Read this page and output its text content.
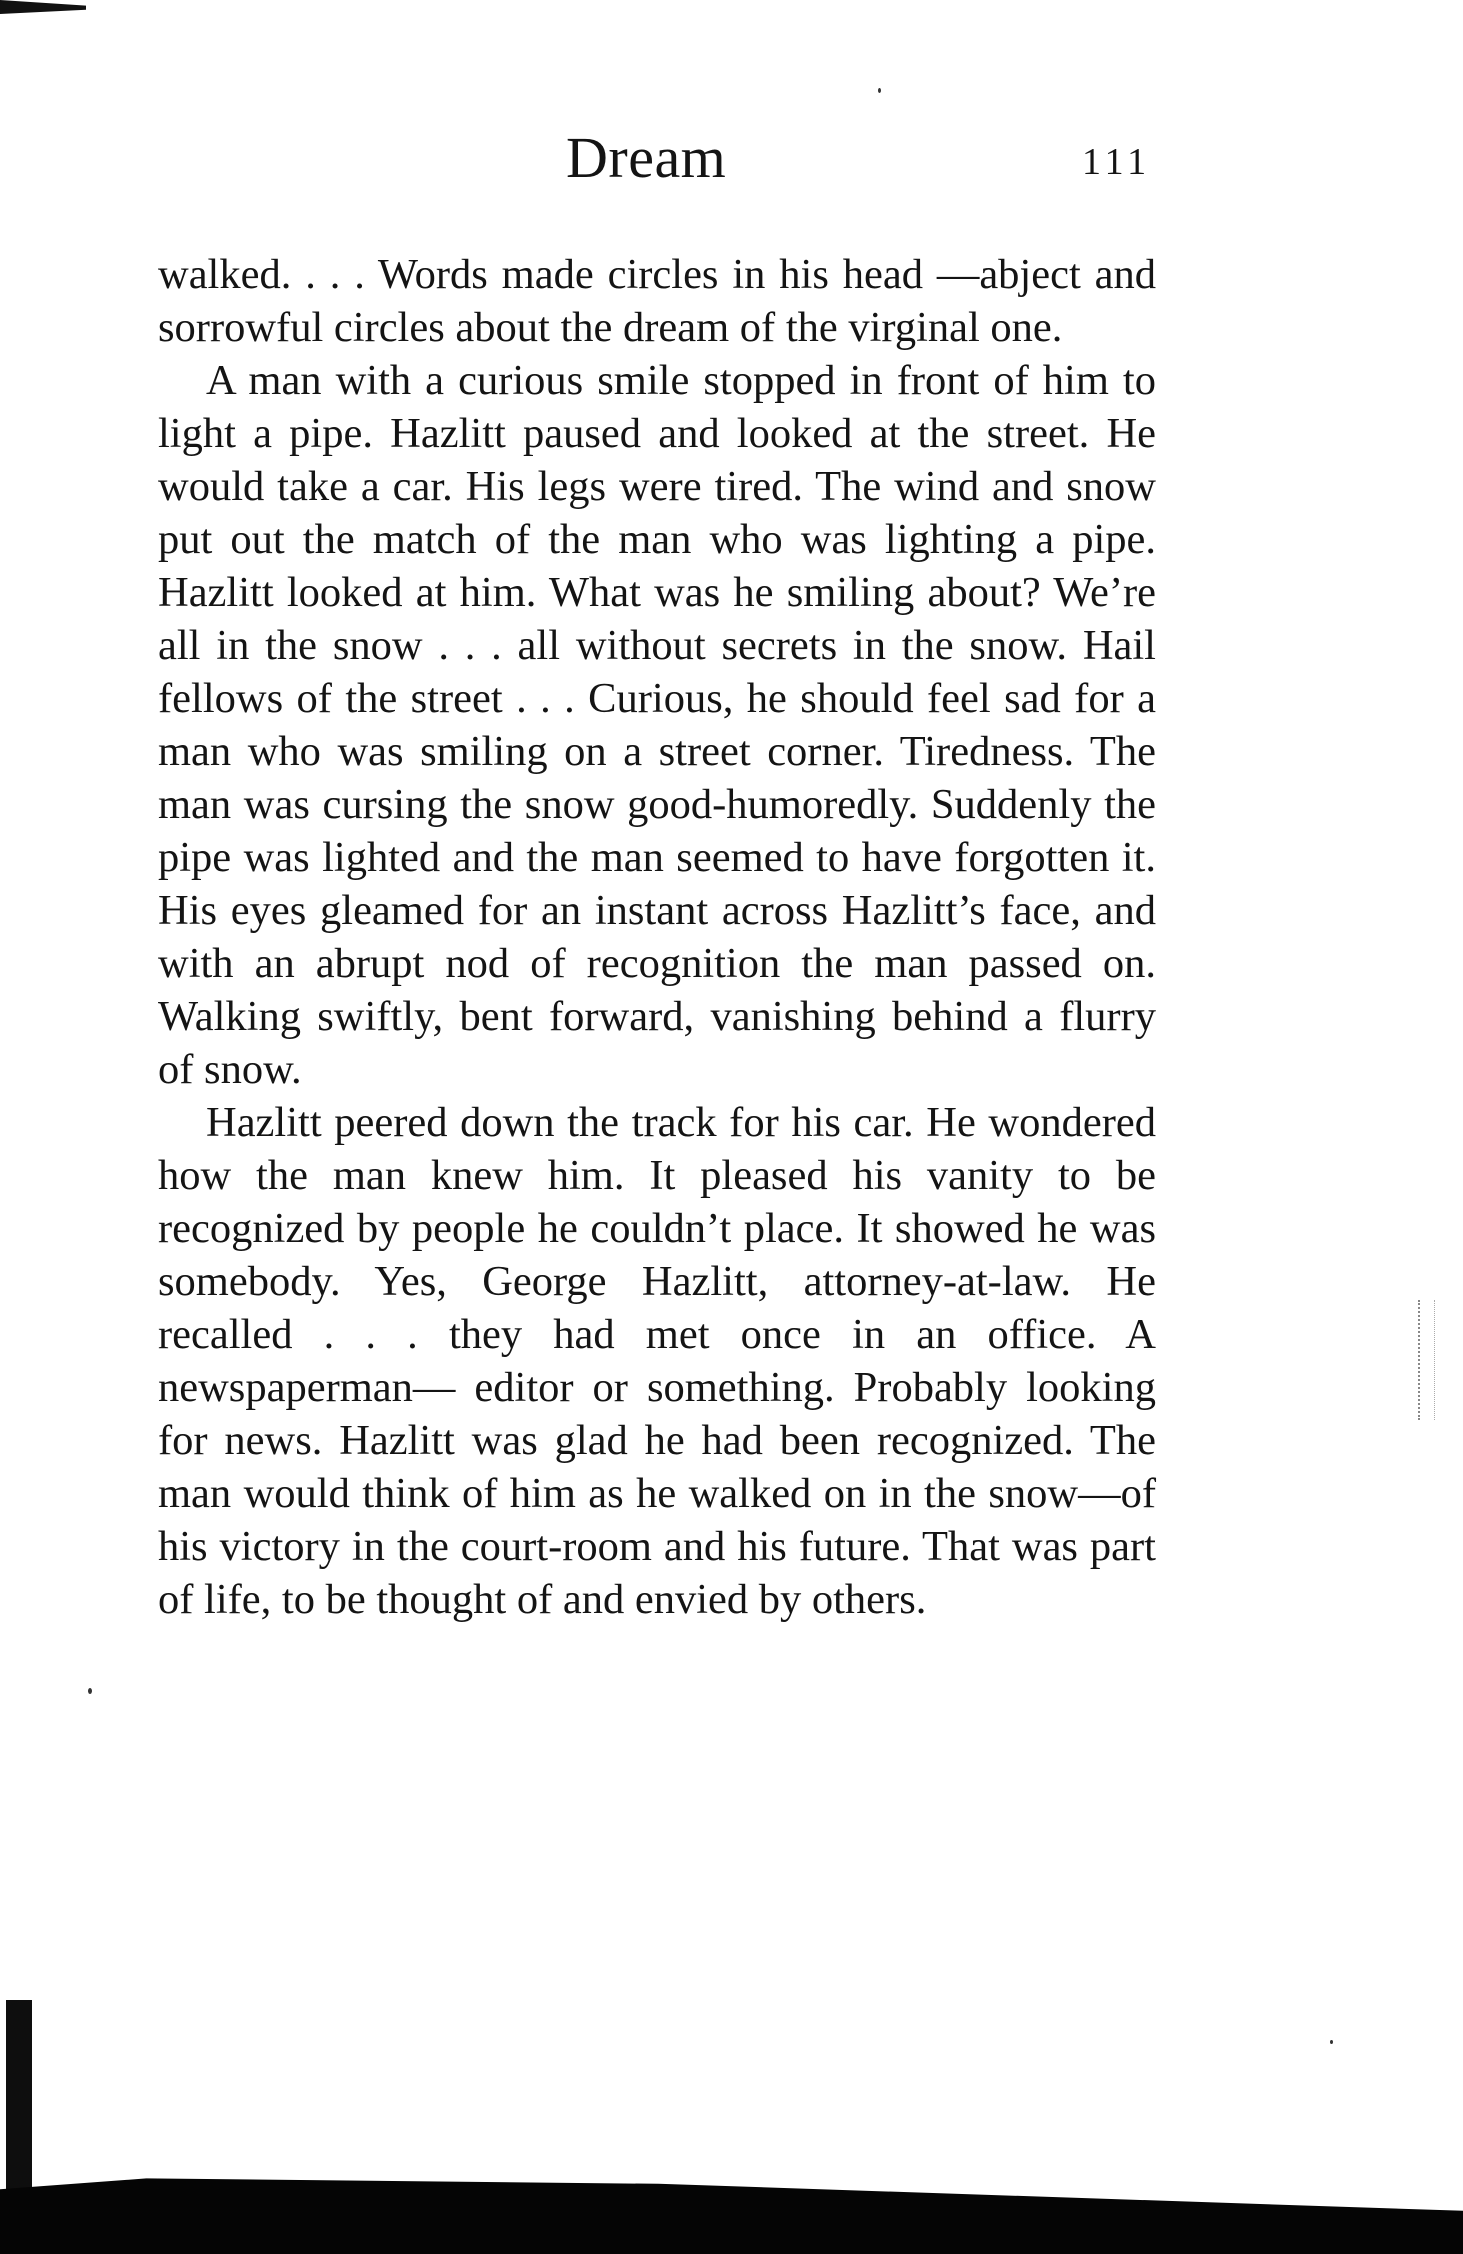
Dream	111

walked. . . . Words made circles in his head —abject and sorrowful circles about the dream of the virginal one.

A man with a curious smile stopped in front of him to light a pipe. Hazlitt paused and looked at the street. He would take a car. His legs were tired. The wind and snow put out the match of the man who was lighting a pipe. Hazlitt looked at him. What was he smiling about? We’re all in the snow . . . all without secrets in the snow. Hail fellows of the street . . . Curious, he should feel sad for a man who was smiling on a street corner. Tiredness. The man was cursing the snow good-humoredly. Suddenly the pipe was lighted and the man seemed to have forgotten it. His eyes gleamed for an instant across Hazlitt’s face, and with an abrupt nod of recognition the man passed on. Walking swiftly, bent forward, vanishing behind a flurry of snow.

Hazlitt peered down the track for his car. He wondered how the man knew him. It pleased his vanity to be recognized by people he couldn’t place. It showed he was somebody. Yes, George Hazlitt, attorney-at-law. He recalled . . . they had met once in an office. A newspaperman— editor or something. Probably looking for news. Hazlitt was glad he had been recognized. The man would think of him as he walked on in the snow—of his victory in the court-room and his future. That was part of life, to be thought of and envied by others.
